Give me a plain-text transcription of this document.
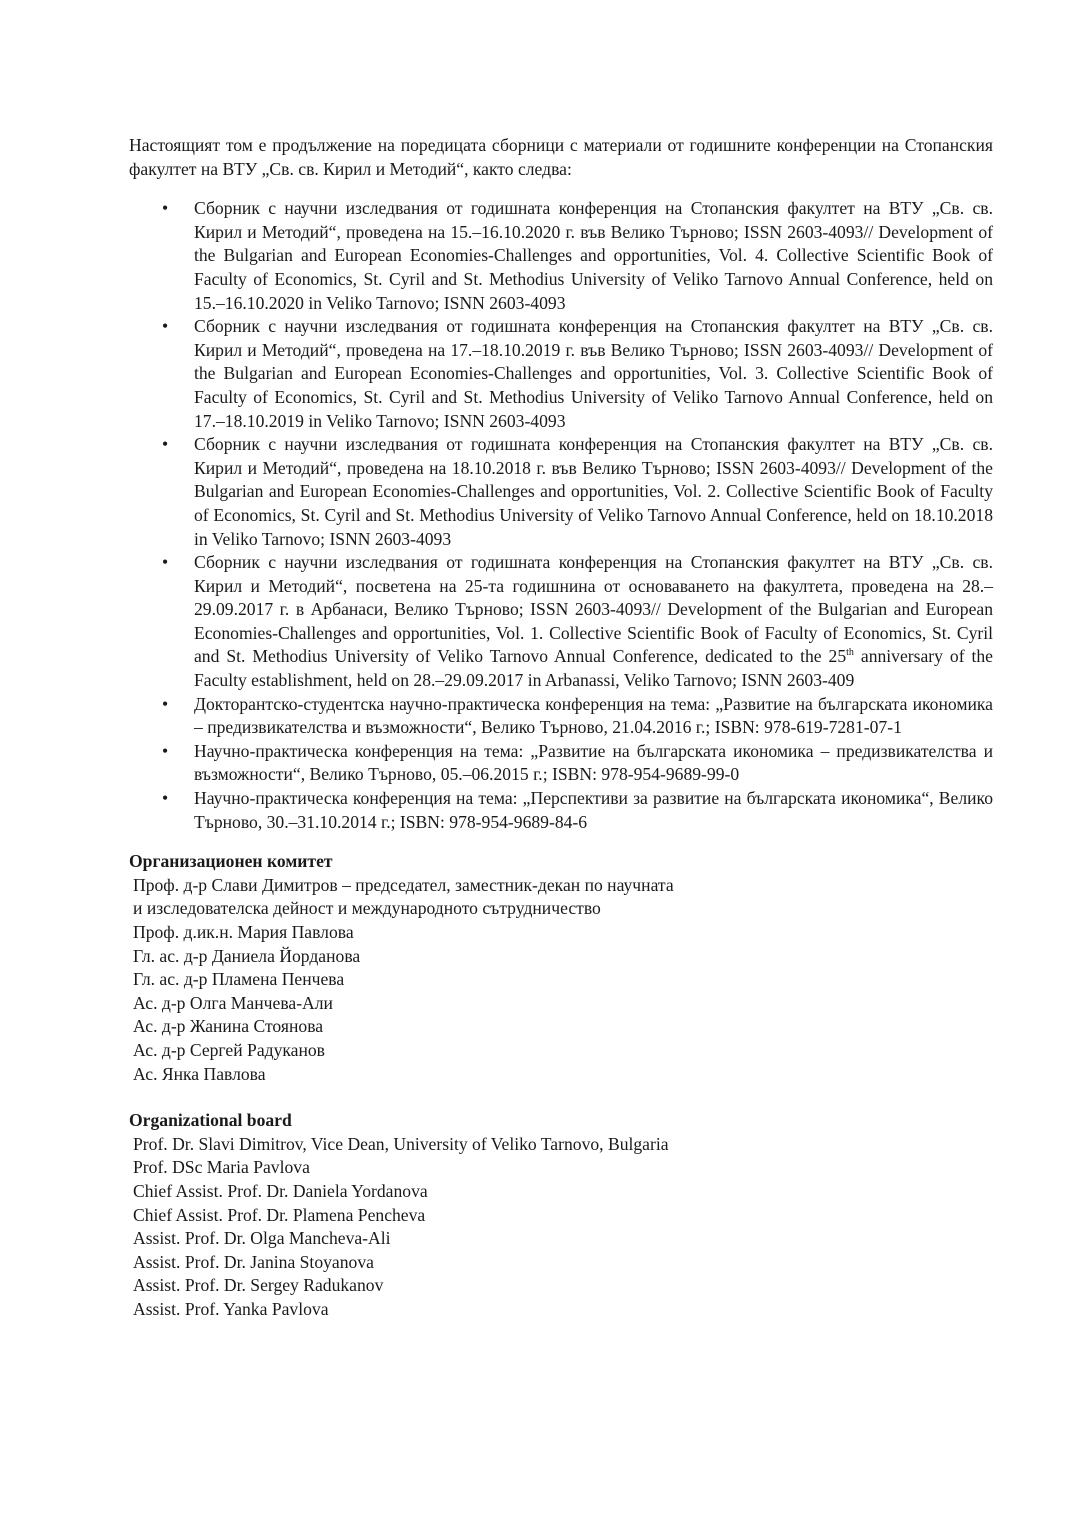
Настоящият том е продължение на поредицата сборници с материали от годишните конференции на Стопанския факултет на ВТУ „Св. св. Кирил и Методий“, както следва:

• Сборник с научни изследвания от годишната конференция на Стопанския факултет на ВТУ „Св. св. Кирил и Методий“, проведена на 15.–16.10.2020 г. във Велико Търново; ISSN 2603-4093// Development of the Bulgarian and European Economies-Challenges and opportunities, Vol. 4. Collective Scientific Book of Faculty of Economics, St. Cyril and St. Methodius University of Veliko Tarnovo Annual Conference, held on 15.–16.10.2020 in Veliko Tarnovo; ISNN 2603-4093
• Сборник с научни изследвания от годишната конференция на Стопанския факултет на ВТУ „Св. св. Кирил и Методий“, проведена на 17.–18.10.2019 г. във Велико Търново; ISSN 2603-4093// Development of the Bulgarian and European Economies-Challenges and opportunities, Vol. 3. Collective Scientific Book of Faculty of Economics, St. Cyril and St. Methodius University of Veliko Tarnovo Annual Conference, held on 17.–18.10.2019 in Veliko Tarnovo; ISNN 2603-4093
• Сборник с научни изследвания от годишната конференция на Стопанския факултет на ВТУ „Св. св. Кирил и Методий“, проведена на 18.10.2018 г. във Велико Търново; ISSN 2603-4093// Development of the Bulgarian and European Economies-Challenges and opportunities, Vol. 2. Collective Scientific Book of Faculty of Economics, St. Cyril and St. Methodius University of Veliko Tarnovo Annual Conference, held on 18.10.2018 in Veliko Tarnovo; ISNN 2603-4093
• Сборник с научни изследвания от годишната конференция на Стопанския факултет на ВТУ „Св. св. Кирил и Методий“, посветена на 25-та годишнина от основаването на факултета, проведена на 28.–29.09.2017 г. в Арбанаси, Велико Търново; ISSN 2603-4093// Development of the Bulgarian and European Economies-Challenges and opportunities, Vol. 1. Collective Scientific Book of Faculty of Economics, St. Cyril and St. Methodius University of Veliko Tarnovo Annual Conference, dedicated to the 25th anniversary of the Faculty establishment, held on 28.–29.09.2017 in Arbanassi, Veliko Tarnovo; ISNN 2603-409
• Докторантско-студентска научно-практическа конференция на тема: „Развитие на българската икономика – предизвикателства и възможности“, Велико Търново, 21.04.2016 г.; ISBN: 978-619-7281-07-1
• Научно-практическа конференция на тема: „Развитие на българската икономика – предизвикателства и възможности“, Велико Търново, 05.–06.2015 г.; ISBN: 978-954-9689-99-0
• Научно-практическа конференция на тема: „Перспективи за развитие на българската икономика“, Велико Търново, 30.–31.10.2014 г.; ISBN: 978-954-9689-84-6
Организационен комитет
Проф. д-р Слави Димитров – председател, заместник-декан по научната
и изследователска дейност и международното сътрудничество
Проф. д.ик.н. Мария Павлова
Гл. ас. д-р Даниела Йорданова
Гл. ас. д-р Пламена Пенчева
Ас. д-р Олга Манчева-Али
Ас. д-р Жанина Стоянова
Ас. д-р Сергей Радуканов
Ас. Янка Павлова
Organizational board
Prof. Dr. Slavi Dimitrov, Vice Dean, University of Veliko Tarnovo, Bulgaria
Prof. DSc Maria Pavlova
Chief Assist. Prof. Dr. Daniela Yordanova
Chief Assist. Prof. Dr. Plamena Pencheva
Assist. Prof. Dr. Olga Mancheva-Ali
Assist. Prof. Dr. Janina Stoyanova
Assist. Prof. Dr. Sergey Radukanov
Assist. Prof. Yanka Pavlova
